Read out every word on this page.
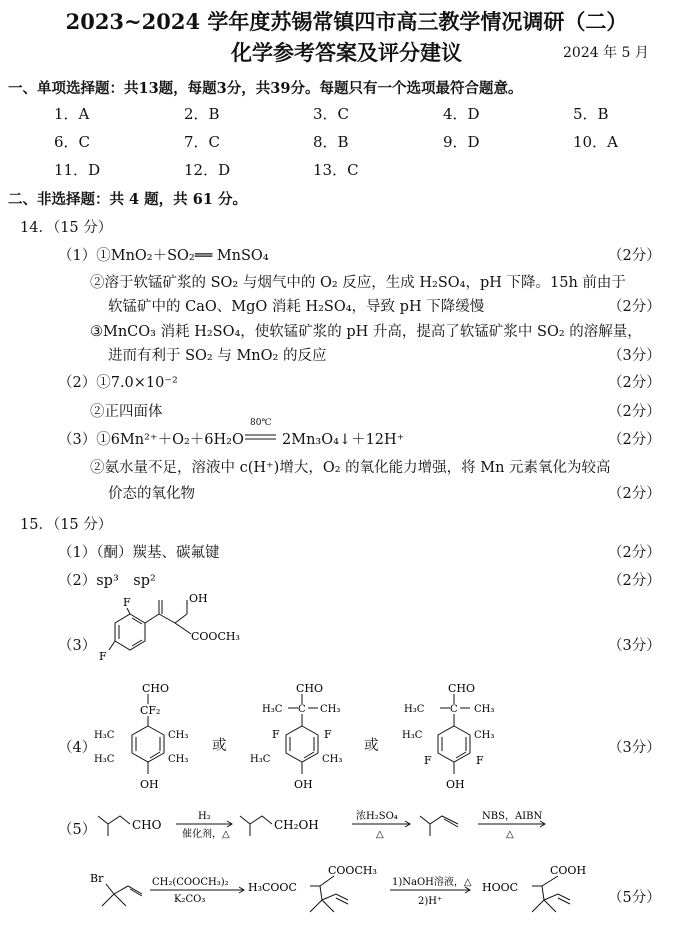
2023~2024 学年度苏锡常镇四市高三教学情况调研（二）
化学参考答案及评分建议	2024 年 5 月
一、单项选择题：共13题，每题3分，共39分。每题只有一个选项最符合题意。
1．A	2．B	3．C	4．D	5．B
6．C	7．C	8．B	9．D	10．A
11．D	12．D	13．C
二、非选择题：共 4 题，共 61 分。
14．（15 分）
（1）①MnO₂＋SO₂══ MnSO₄	（2分）
②溶于软锰矿浆的 SO₂ 与烟气中的 O₂ 反应，生成 H₂SO₄，pH 下降。15h 前由于
软锰矿中的 CaO、MgO 消耗 H₂SO₄，导致 pH 下降缓慢	（2分）
③MnCO₃ 消耗 H₂SO₄，使软锰矿浆的 pH 升高，提高了软锰矿浆中 SO₂ 的溶解量，
进而有利于 SO₂ 与 MnO₂ 的反应	（3分）
（2）①7.0×10⁻²	（2分）
②正四面体	（2分）
（3）①6Mn²⁺＋O₂＋6H₂O
80℃
2Mn₃O₄↓＋12H⁺	（2分）
②氨水量不足，溶液中 c(H⁺)增大，O₂ 的氧化能力增强，将 Mn 元素氧化为较高
价态的氧化物	（2分）
15．（15 分）
（1）（酮）羰基、碳氟键	（2分）
（2）sp³　sp²	（2分）
（3）	（3分）
F
F
OH
COOCH₃
（4）	（3分）
或	或
CHO
CF₂
H₃C	CH₃
H₃C	CH₃
OH
CHO
H₃C	CH₃
C
F	F
H₃C	CH₃
OH
CHO
H₃C	CH₃
C
H₃C	CH₃
F	F
OH
（5）	CHO
H₂
催化剂，△
CH₂OH
浓H₂SO₄
△
NBS，AIBN
△
（5分）
Br	CH₂(COOCH₃)₂
K₂CO₃
H₃COOC
COOCH₃
1)NaOH溶液，△
2)H⁺
HOOC
COOH
